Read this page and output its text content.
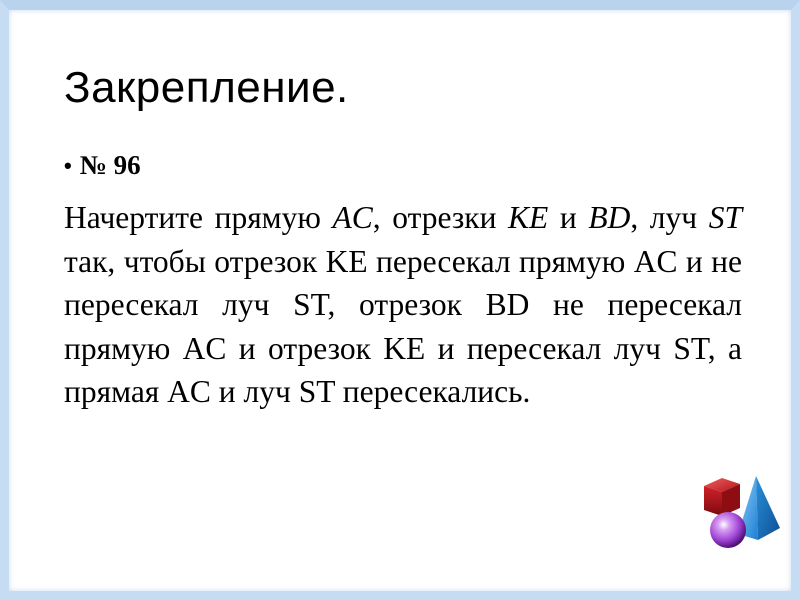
Закрепление.
• № 96
Начертите прямую AC, отрезки KE и BD, луч ST так, чтобы отрезок KE пересекал прямую AC и не пересекал луч ST, отрезок BD не пересекал прямую AC и отрезок KE и пересекал луч ST, а прямая AC и луч ST пересекались.
